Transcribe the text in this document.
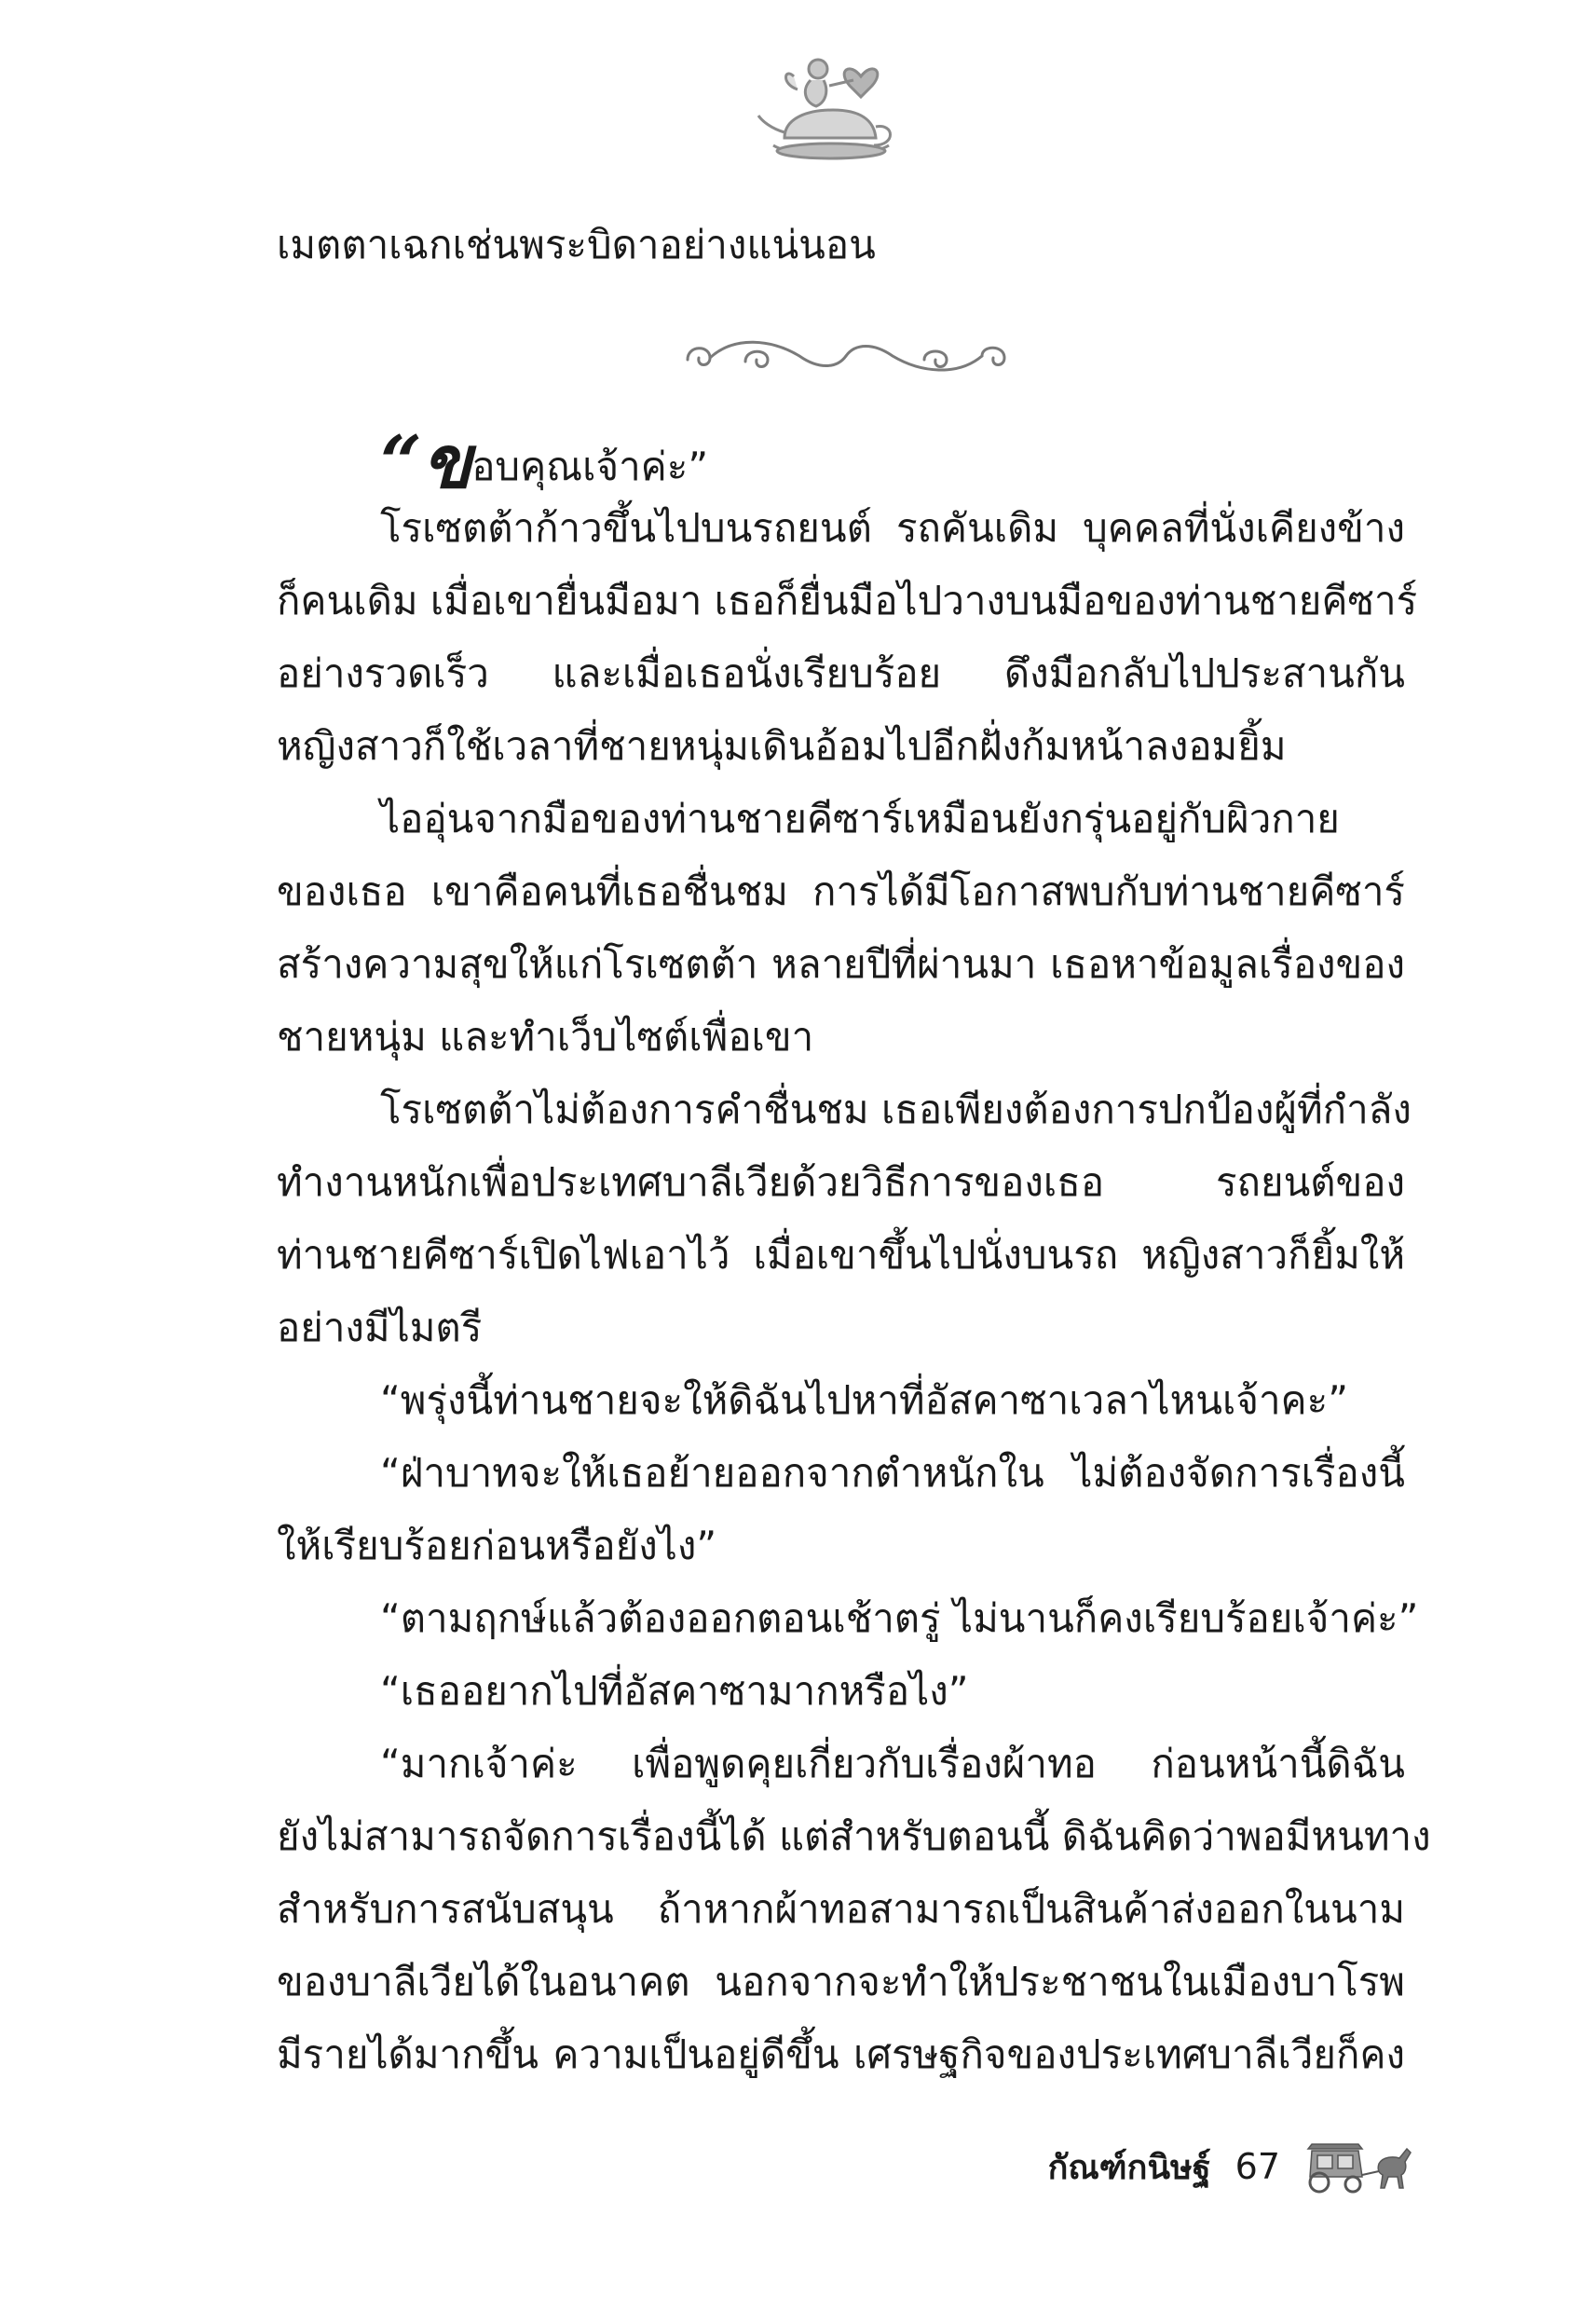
เมตตาเฉกเช่นพระบิดาอย่างแน่นอน
“ขอบคุณเจ้าค่ะ”
โรเซตต้าก้าวขึ้นไปบนรถยนต์ รถคันเดิม บุคคลที่นั่งเคียงข้าง
ก็คนเดิม เมื่อเขายื่นมือมา เธอก็ยื่นมือไปวางบนมือของท่านชายคีซาร์
อย่างรวดเร็ว และเมื่อเธอนั่งเรียบร้อย ดึงมือกลับไปประสานกัน
หญิงสาวก็ใช้เวลาที่ชายหนุ่มเดินอ้อมไปอีกฝั่งก้มหน้าลงอมยิ้ม
ไออุ่นจากมือของท่านชายคีซาร์เหมือนยังกรุ่นอยู่กับผิวกาย
ของเธอ เขาคือคนที่เธอชื่นชม การได้มีโอกาสพบกับท่านชายคีซาร์
สร้างความสุขให้แก่โรเซตต้า หลายปีที่ผ่านมา เธอหาข้อมูลเรื่องของ
ชายหนุ่ม และทำเว็บไซต์เพื่อเขา
โรเซตต้าไม่ต้องการคำชื่นชม เธอเพียงต้องการปกป้องผู้ที่กำลัง
ทำงานหนักเพื่อประเทศบาลีเวียด้วยวิธีการของเธอ รถยนต์ของ
ท่านชายคีซาร์เปิดไฟเอาไว้ เมื่อเขาขึ้นไปนั่งบนรถ หญิงสาวก็ยิ้มให้
อย่างมีไมตรี
“พรุ่งนี้ท่านชายจะให้ดิฉันไปหาที่อัสคาซาเวลาไหนเจ้าคะ”
“ฝ่าบาทจะให้เธอย้ายออกจากตำหนักใน ไม่ต้องจัดการเรื่องนี้
ให้เรียบร้อยก่อนหรือยังไง”
“ตามฤกษ์แล้วต้องออกตอนเช้าตรู่ ไม่นานก็คงเรียบร้อยเจ้าค่ะ”
“เธออยากไปที่อัสคาซามากหรือไง”
“มากเจ้าค่ะ เพื่อพูดคุยเกี่ยวกับเรื่องผ้าทอ ก่อนหน้านี้ดิฉัน
ยังไม่สามารถจัดการเรื่องนี้ได้ แต่สำหรับตอนนี้ ดิฉันคิดว่าพอมีหนทาง
สำหรับการสนับสนุน ถ้าหากผ้าทอสามารถเป็นสินค้าส่งออกในนาม
ของบาลีเวียได้ในอนาคต นอกจากจะทำให้ประชาชนในเมืองบาโรพ
มีรายได้มากขึ้น ความเป็นอยู่ดีขึ้น เศรษฐกิจของประเทศบาลีเวียก็คง
กัณฑ์กนิษฐ์ 67
